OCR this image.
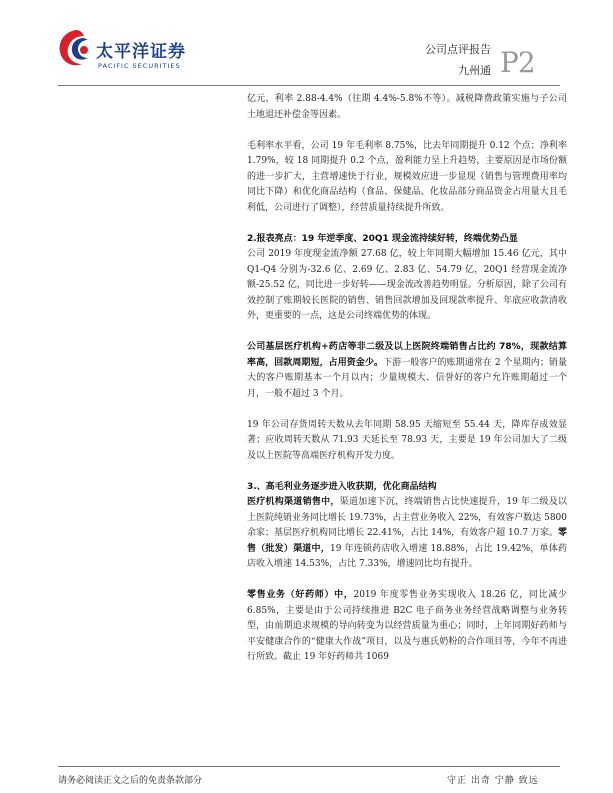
太平洋证券
PACIFIC SECURITIES
公司点评报告
九州通 P2

亿元，利率 2.88-4.4%（往期 4.4%-5.8%不等）。减税降费政策实施与子公司土地退还补偿金等因素。

毛利率水平看，公司 19 年毛利率 8.75%，比去年同期提升 0.12 个点；净利率 1.79%，较 18 同期提升 0.2 个点，盈利能力呈上升趋势，主要原因是市场份额的进一步扩大，主营增速快于行业，规模效应进一步显现（销售与管理费用率均同比下降）和优化商品结构（食品、保健品、化妆品部分商品资金占用量大且毛利低，公司进行了调整），经营质量持续提升所致。

2.报表亮点：19 年逆季度、20Q1 现金流持续好转，终端优势凸显

公司 2019 年度现金流净额 27.68 亿，较上年同期大幅增加 15.46 亿元，其中 Q1-Q4 分别为-32.6 亿、2.69 亿、2.83 亿、54.79 亿，20Q1 经营现金流净额-25.52 亿，同比进一步好转——现金流改善趋势明显。分析原因，除了公司有效控制了账期较长医院的销售、销售回款增加及回现款率提升、年底应收款清收外，更重要的一点，这是公司终端优势的体现。

公司基层医疗机构+药店等非二级及以上医院终端销售占比约 78%，现款结算率高，回款周期短，占用资金少。下游一般客户的账期通常在 2 个星期内；销量大的客户账期基本一个月以内；少量规模大、信誉好的客户允许账期超过一个月，一般不超过 3 个月。

19 年公司存货周转天数从去年同期 58.95 天缩短至 55.44 天，降库存成效显著；应收周转天数从 71.93 天延长至 78.93 天，主要是 19 年公司加大了二级及以上医院等高端医疗机构开发力度。

3.、高毛利业务逐步进入收获期，优化商品结构

医疗机构渠道销售中，渠道加速下沉，终端销售占比快速提升，19 年二级及以上医院纯销业务同比增长 19.73%，占主营业务收入 22%，有效客户数达 5800 余家；基层医疗机构同比增长 22.41%，占比 14%，有效客户超 10.7 万家。零售（批发）渠道中，19 年连锁药店收入增速 18.88%，占比 19.42%，单体药店收入增速 14.53%，占比 7.33%，增速同比均有提升。

零售业务（好药师）中，2019 年度零售业务实现收入 18.26 亿，同比减少 6.85%，主要是由于公司持续推进 B2C 电子商务业务经营战略调整与业务转型，由前期追求规模的导向转变为以经营质量为重心；同时，上年同期好药师与平安健康合作的“健康大作战”项目，以及与惠氏奶粉的合作项目等，今年不再进行所致。截止 19 年好药师共 1069

请务必阅读正文之后的免责条款部分	守正 出奇 宁静 致远
